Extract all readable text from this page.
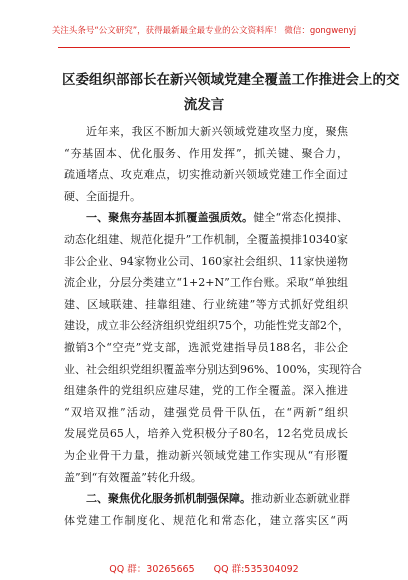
关注头条号“公文研究”，获得最新最全最专业的公文资料库！ 微信：gongwenyj
区委组织部部长在新兴领域党建全覆盖工作推进会上的交
流发言
近年来，我区不断加大新兴领域党建攻坚力度，聚焦
“夯基固本、优化服务、作用发挥”，抓关键、聚合力，
疏通堵点、攻克难点，切实推动新兴领域党建工作全面过
硬、全面提升。
一、聚焦夯基固本抓覆盖强质效。健全“常态化摸排、
动态化组建、规范化提升”工作机制，全覆盖摸排10340家
非公企业、94家物业公司、160家社会组织、11家快递物
流企业，分层分类建立“1+2+N”工作台账。采取“单独组
建、区域联建、挂靠组建、行业统建”等方式抓好党组织
建设，成立非公经济组织党组织75个，功能性党支部2个，
撤销3个“空壳”党支部，选派党建指导员188名，非公企
业、社会组织党组织覆盖率分别达到96%、100%，实现符合
组建条件的党组织应建尽建，党的工作全覆盖。深入推进
“双培双推”活动，建强党员骨干队伍，在“两新”组织
发展党员65人，培养入党积极分子80名，12名党员成长
为企业骨干力量，推动新兴领域党建工作实现从“有形覆
盖”到“有效覆盖”转化升级。
二、聚焦优化服务抓机制强保障。推动新业态新就业群
体党建工作制度化、规范化和常态化，建立落实区“两
QQ 群：30265665　　QQ 群:535304092
